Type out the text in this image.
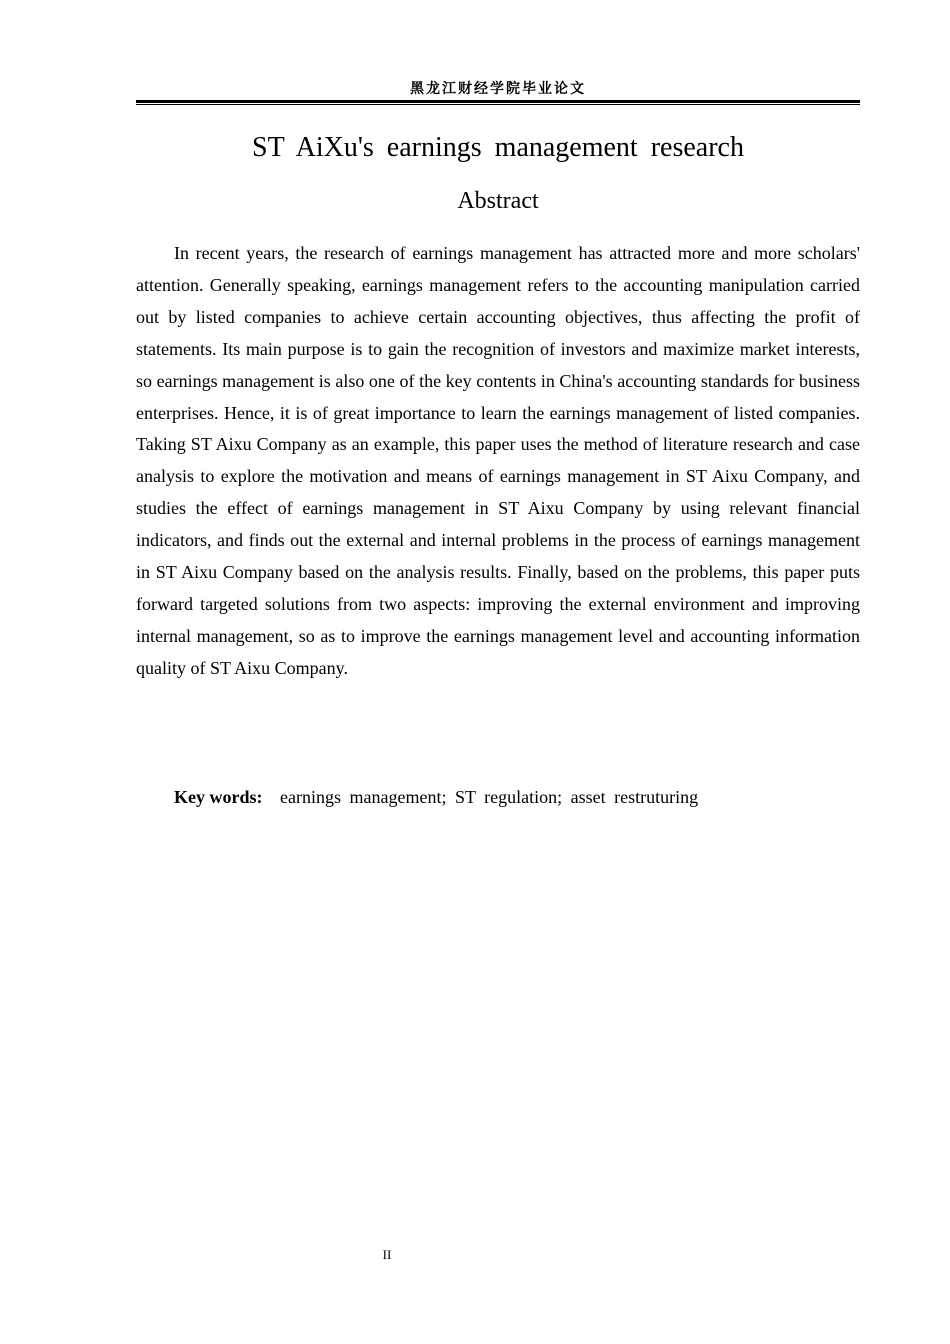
黑龙江财经学院毕业论文
ST AiXu's earnings management research
Abstract

In recent years, the research of earnings management has attracted more and more scholars' attention. Generally speaking, earnings management refers to the accounting manipulation carried out by listed companies to achieve certain accounting objectives, thus affecting the profit of statements. Its main purpose is to gain the recognition of investors and maximize market interests, so earnings management is also one of the key contents in China's accounting standards for business enterprises. Hence, it is of great importance to learn the earnings management of listed companies. Taking ST Aixu Company as an example, this paper uses the method of literature research and case analysis to explore the motivation and means of earnings management in ST Aixu Company, and studies the effect of earnings management in ST Aixu Company by using relevant financial indicators, and finds out the external and internal problems in the process of earnings management in ST Aixu Company based on the analysis results. Finally, based on the problems, this paper puts forward targeted solutions from two aspects: improving the external environment and improving internal management, so as to improve the earnings management level and accounting information quality of ST Aixu Company.

Key words:   earnings management; ST regulation; asset restruturing
II
